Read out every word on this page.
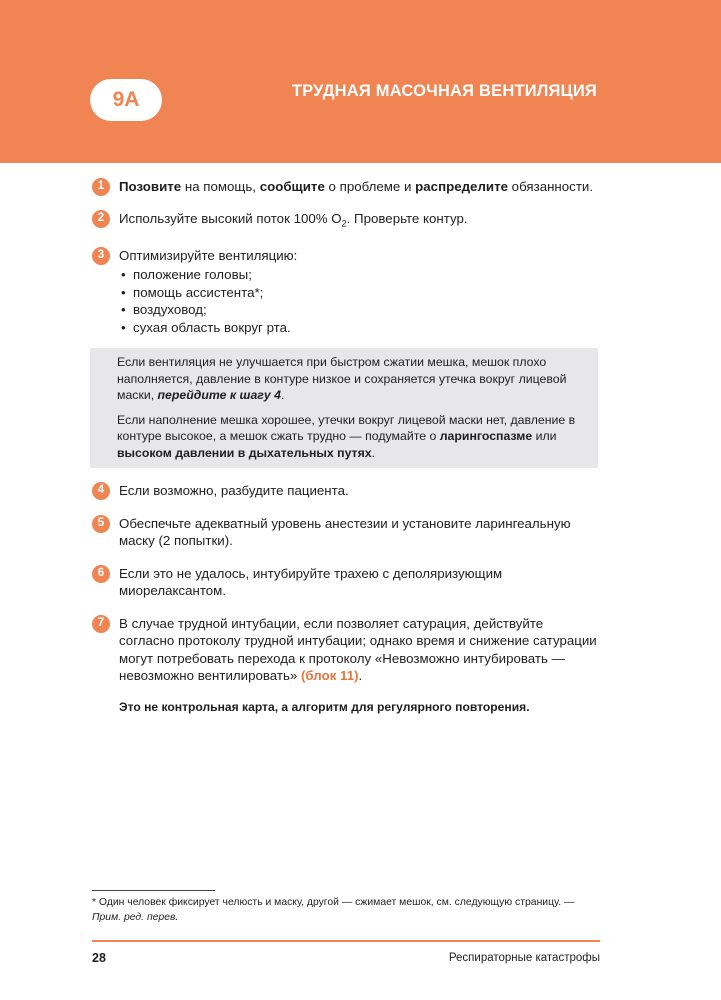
9A	ТРУДНАЯ МАСОЧНАЯ ВЕНТИЛЯЦИЯ
1	Позовите на помощь, сообщите о проблеме и распределите обязанности.
2	Используйте высокий поток 100% $O_2$. Проверьте контур.
3	Оптимизируйте вентиляцию:
• положение головы;
• помощь ассистента*;
• воздуховод;
• сухая область вокруг рта.

Если вентиляция не улучшается при быстром сжатии мешка, мешок плохо наполняется, давление в контуре низкое и сохраняется утечка вокруг лицевой маски, перейдите к шагу 4.

Если наполнение мешка хорошее, утечки вокруг лицевой маски нет, давление в контуре высокое, а мешок сжать трудно — подумайте о ларингоспазме или высоком давлении в дыхательных путях.

4	Если возможно, разбудите пациента.
5	Обеспечьте адекватный уровень анестезии и установите ларингеальную маску (2 попытки).
6	Если это не удалось, интубируйте трахею с деполяризующим миорелаксантом.
7	В случае трудной интубации, если позволяет сатурация, действуйте согласно протоколу трудной интубации; однако время и снижение сатурации могут потребовать перехода к протоколу «Невозможно интубировать — невозможно вентилировать» (блок 11).
Это не контрольная карта, а алгоритм для регулярного повторения.
* Один человек фиксирует челюсть и маску, другой — сжимает мешок, см. следующую страницу. — Прим. ред. перев.
28	Респираторные катастрофы
